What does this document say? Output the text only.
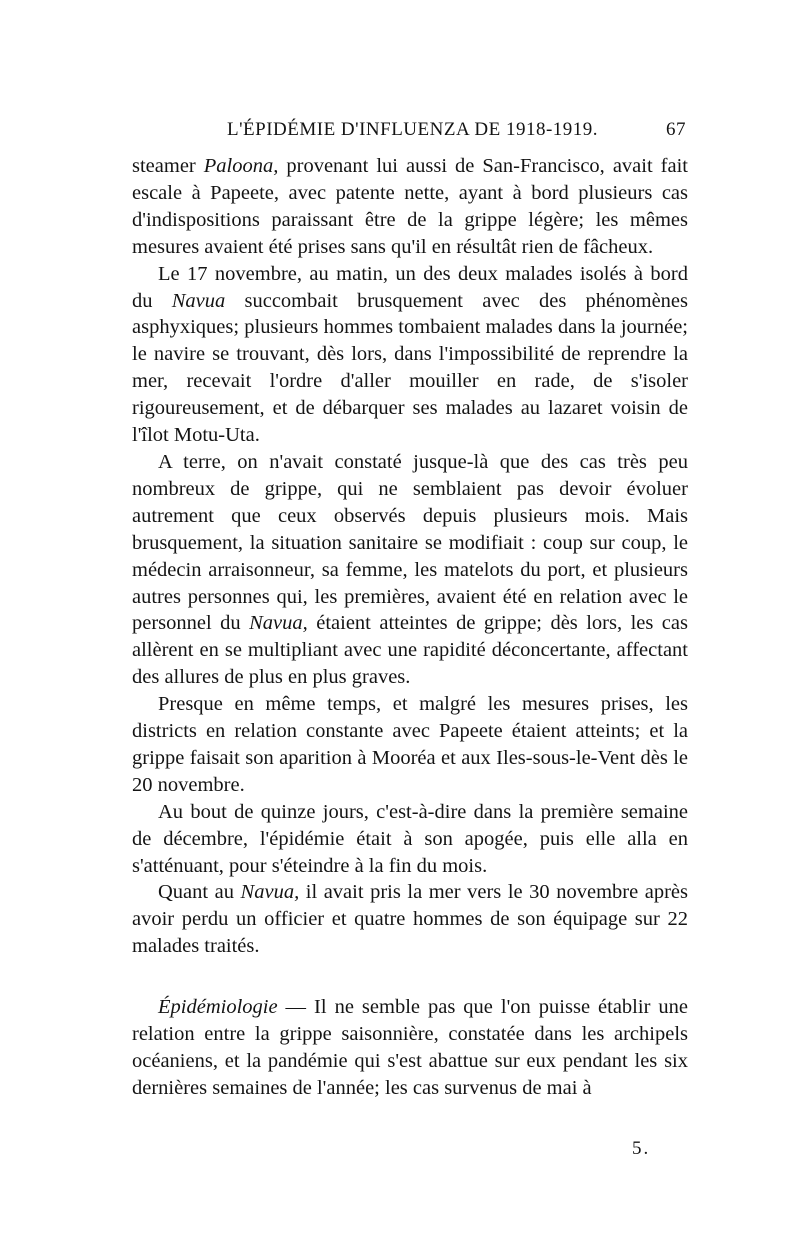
L'ÉPIDÉMIE D'INFLUENZA DE 1918-1919.	67

steamer Paloona, provenant lui aussi de San-Francisco, avait fait escale à Papeete, avec patente nette, ayant à bord plusieurs cas d'indispositions paraissant être de la grippe légère; les mêmes mesures avaient été prises sans qu'il en résultât rien de fâcheux.

Le 17 novembre, au matin, un des deux malades isolés à bord du Navua succombait brusquement avec des phénomènes asphyxiques; plusieurs hommes tombaient malades dans la journée; le navire se trouvant, dès lors, dans l'impossibilité de reprendre la mer, recevait l'ordre d'aller mouiller en rade, de s'isoler rigoureusement, et de débarquer ses malades au lazaret voisin de l'îlot Motu-Uta.

A terre, on n'avait constaté jusque-là que des cas très peu nombreux de grippe, qui ne semblaient pas devoir évoluer autrement que ceux observés depuis plusieurs mois. Mais brusquement, la situation sanitaire se modifiait : coup sur coup, le médecin arraisonneur, sa femme, les matelots du port, et plusieurs autres personnes qui, les premières, avaient été en relation avec le personnel du Navua, étaient atteintes de grippe; dès lors, les cas allèrent en se multipliant avec une rapidité déconcertante, affectant des allures de plus en plus graves.

Presque en même temps, et malgré les mesures prises, les districts en relation constante avec Papeete étaient atteints; et la grippe faisait son aparition à Mooréa et aux Iles-sous-le-Vent dès le 20 novembre.

Au bout de quinze jours, c'est-à-dire dans la première semaine de décembre, l'épidémie était à son apogée, puis elle alla en s'atténuant, pour s'éteindre à la fin du mois.

Quant au Navua, il avait pris la mer vers le 30 novembre après avoir perdu un officier et quatre hommes de son équipage sur 22 malades traités.

Épidémiologie — Il ne semble pas que l'on puisse établir une relation entre la grippe saisonnière, constatée dans les archipels océaniens, et la pandémie qui s'est abattue sur eux pendant les six dernières semaines de l'année; les cas survenus de mai à

5.
